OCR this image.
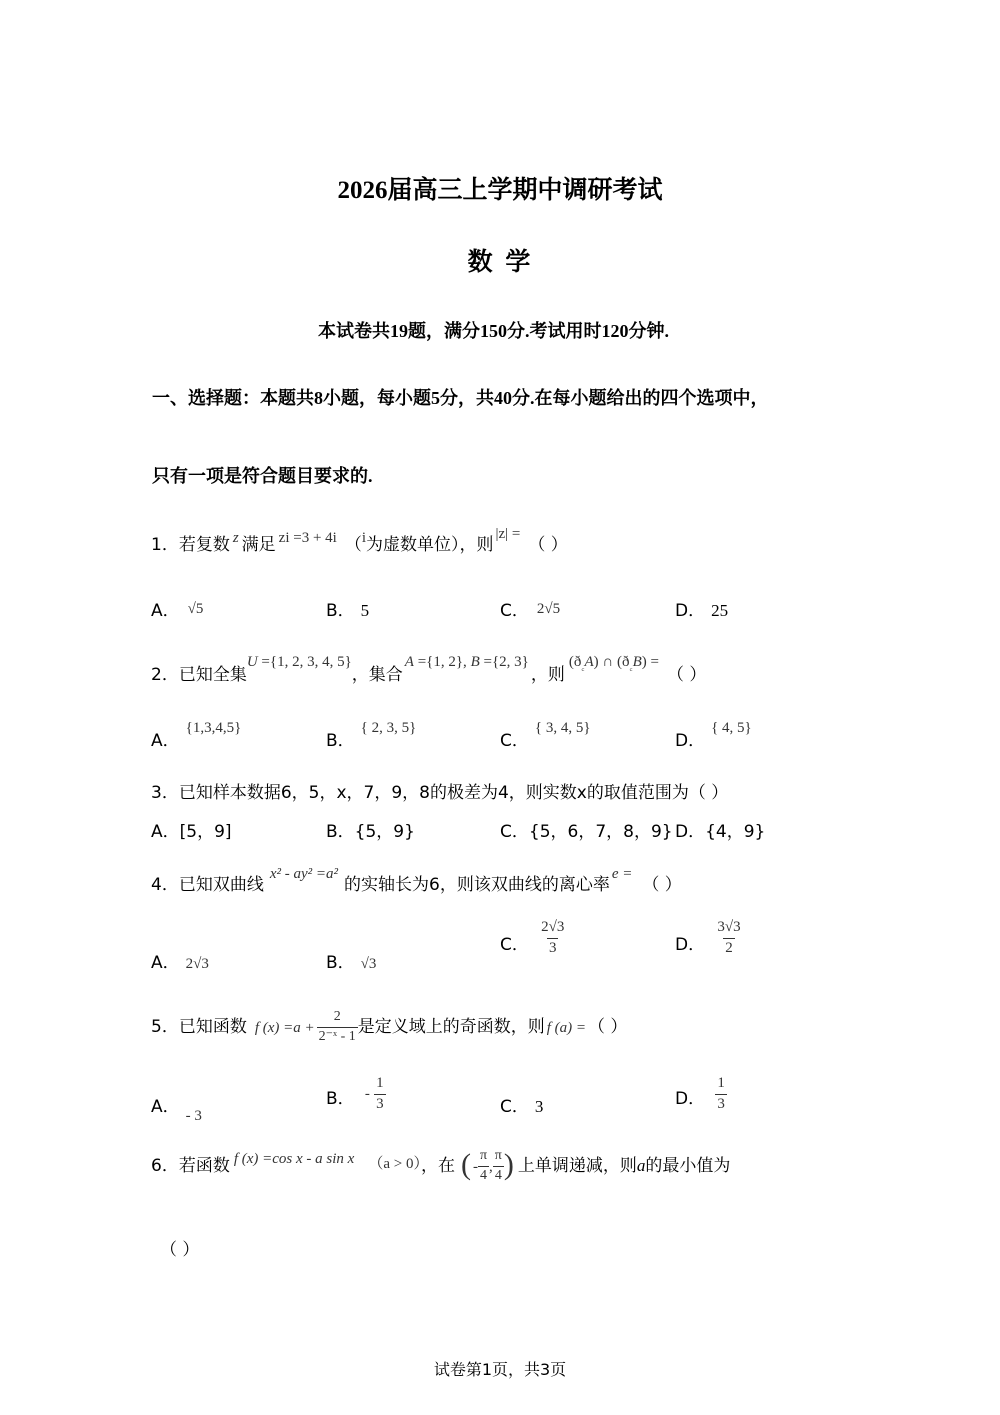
2026届高三上学期中调研考试
数 学
本试卷共19题，满分150分.考试用时120分钟.
一、选择题：本题共8小题，每小题5分，共40分.在每小题给出的四个选项中，
只有一项是符合题目要求的.
1．若复数 z 满足 zi =3 + 4i （i为虚数单位），则|z| =（ ）
A． √5	B． 5	C． 2√5	D． 25
2．已知全集U ={1, 2, 3, 4, 5}，集合A ={1, 2}, B ={2, 3}，则$(ð_꜀A)$ ∩ $(ð_꜀B)$ =（ ）
A．{1,3,4,5}
B．{ 2, 3, 5}
C．{ 3, 4, 5}
D．{ 4, 5}
3．已知样本数据6，5，x，7，9，8的极差为4，则实数x的取值范围为（ ）
A．[5，9]	B．{5，9}	C．{5，6，7，8，9} D．{4，9}
4．已知双曲线x² - ay² =a²的实轴长为6，则该双曲线的离心率e =（ ）
A． 2√3	B． √3
C． $\frac{2√3}{3}$	D． $\frac{3√3}{2}$
5．已知函数 f $(x) =a + \frac{2}{\text{2⁻ˣ - 1}}$ 是定义域上的奇函数，则 f (a) = （ ）
A． - 3
B． - $\frac{1}{3}$	C． 3	D． $\frac{1}{3}$
6．若函数 f (x) =cos x - a sin x （a > 0），在 ( - $\frac{\pi}{4}$ , $\frac{\pi}{4}$ ) 上单调递减，则a的最小值为
（ ）
试卷第1页，共3页
